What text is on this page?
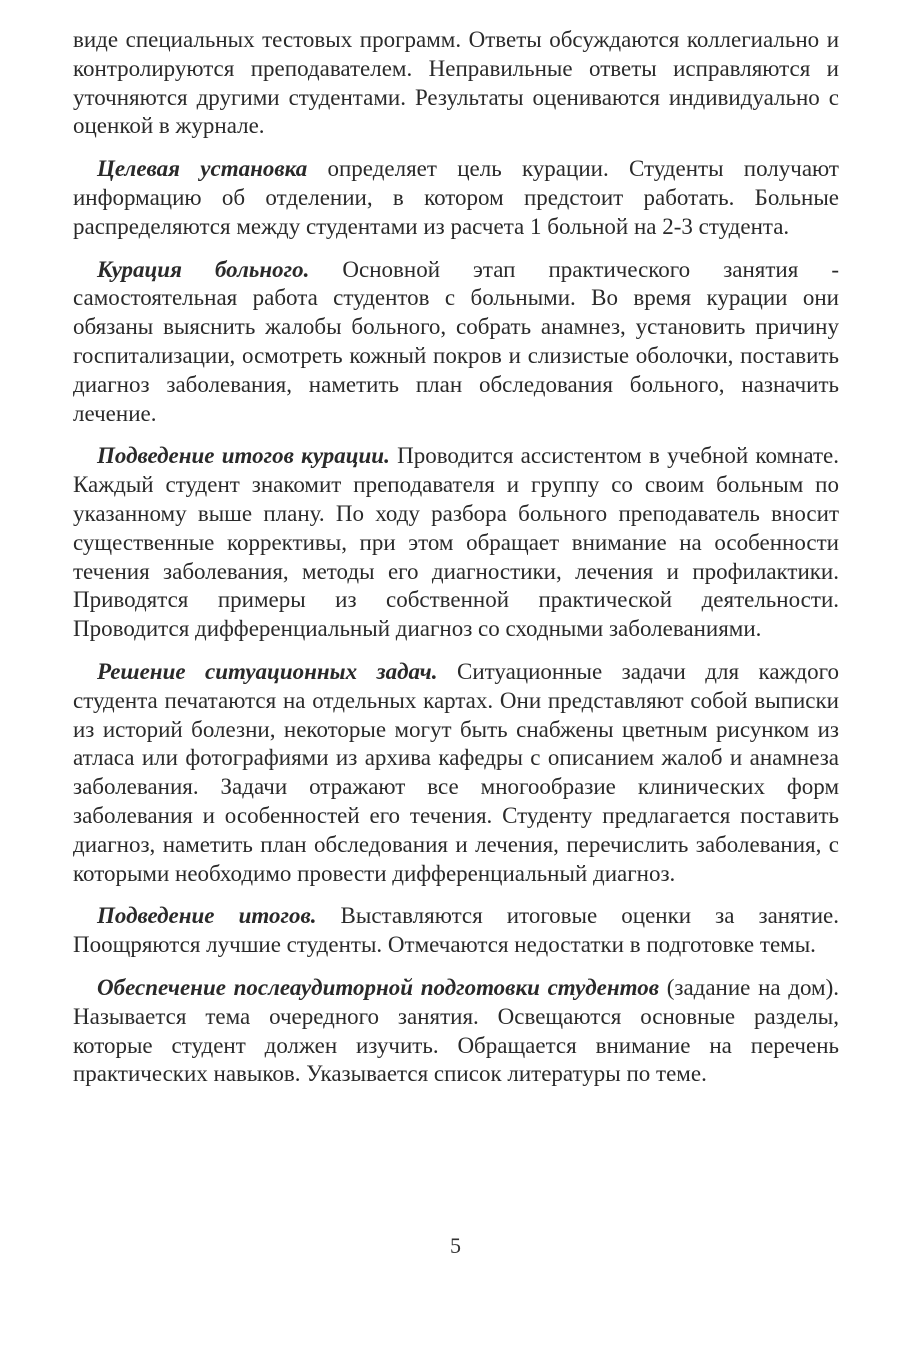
виде специальных тестовых программ. Ответы обсуждаются коллегиально и контролируются преподавателем. Неправильные ответы исправляются и уточняются другими студентами. Результаты оцениваются индивидуально с оценкой в журнале.

Целевая установка определяет цель курации. Студенты получают информацию об отделении, в котором предстоит работать. Больные распределяются между студентами из расчета 1 больной на 2-3 студента.

Курация больного. Основной этап практического занятия - самостоятельная работа студентов с больными. Во время курации они обязаны выяснить жалобы больного, собрать анамнез, установить причину госпитализации, осмотреть кожный покров и слизистые оболочки, поставить диагноз заболевания, наметить план обследования больного, назначить лечение.

Подведение итогов курации. Проводится ассистентом в учебной комнате. Каждый студент знакомит преподавателя и группу со своим больным по указанному выше плану. По ходу разбора больного преподаватель вносит существенные коррективы, при этом обращает внимание на особенности течения заболевания, методы его диагностики, лечения и профилактики. Приводятся примеры из собственной практической деятельности. Проводится дифференциальный диагноз со сходными заболеваниями.

Решение ситуационных задач. Ситуационные задачи для каждого студента печатаются на отдельных картах. Они представляют собой выписки из историй болезни, некоторые могут быть снабжены цветным рисунком из атласа или фотографиями из архива кафедры с описанием жалоб и анамнеза заболевания. Задачи отражают все многообразие клинических форм заболевания и особенностей его течения. Студенту предлагается поставить диагноз, наметить план обследования и лечения, перечислить заболевания, с которыми необходимо провести дифференциальный диагноз.

Подведение итогов. Выставляются итоговые оценки за занятие. Поощряются лучшие студенты. Отмечаются недостатки в подготовке темы.

Обеспечение послеаудиторной подготовки студентов (задание на дом). Называется тема очередного занятия. Освещаются основные разделы, которые студент должен изучить. Обращается внимание на перечень практических навыков. Указывается список литературы по теме.

5
